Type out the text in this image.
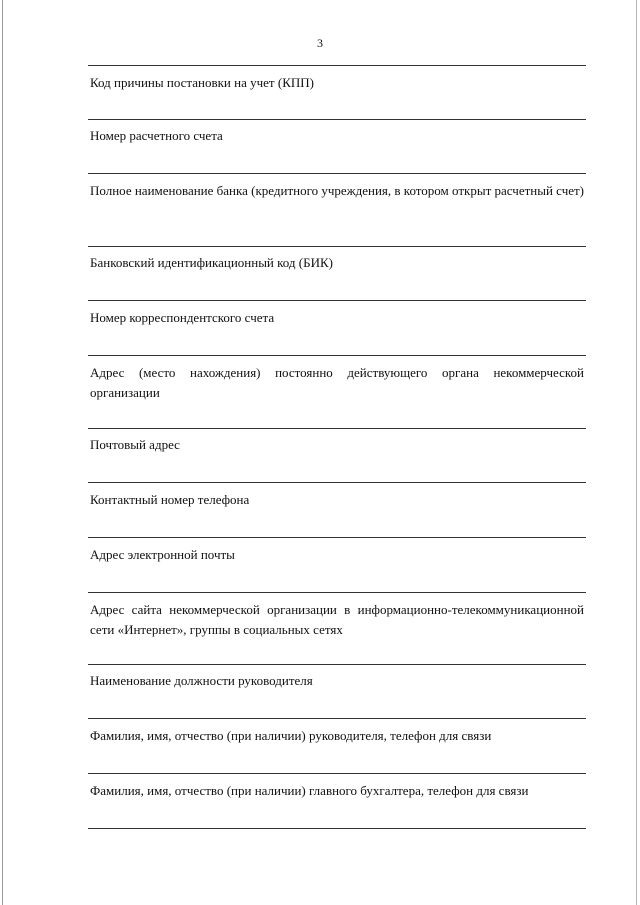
3
Код причины постановки на учет (КПП)
Номер расчетного счета
Полное наименование банка (кредитного учреждения, в котором открыт расчетный счет)
Банковский идентификационный код (БИК)
Номер корреспондентского счета
Адрес (место нахождения) постоянно действующего органа некоммерческой организации
Почтовый адрес
Контактный номер телефона
Адрес электронной почты
Адрес сайта некоммерческой организации в информационно-телекоммуникационной сети «Интернет», группы в социальных сетях
Наименование должности руководителя
Фамилия, имя, отчество (при наличии) руководителя, телефон для связи
Фамилия, имя, отчество (при наличии) главного бухгалтера, телефон для связи
